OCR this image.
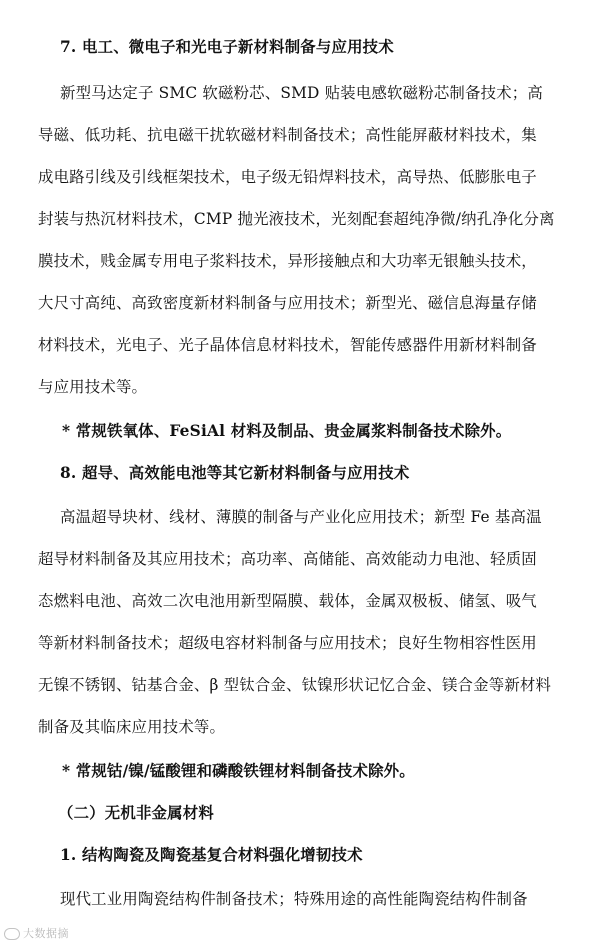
7. 电工、微电子和光电子新材料制备与应用技术
新型马达定子 SMC 软磁粉芯、SMD 贴装电感软磁粉芯制备技术；高
导磁、低功耗、抗电磁干扰软磁材料制备技术；高性能屏蔽材料技术，集
成电路引线及引线框架技术，电子级无铅焊料技术，高导热、低膨胀电子
封装与热沉材料技术，CMP 抛光液技术，光刻配套超纯净微/纳孔净化分离
膜技术，贱金属专用电子浆料技术，异形接触点和大功率无银触头技术，
大尺寸高纯、高致密度新材料制备与应用技术；新型光、磁信息海量存储
材料技术，光电子、光子晶体信息材料技术，智能传感器件用新材料制备
与应用技术等。
* 常规铁氧体、FeSiAl 材料及制品、贵金属浆料制备技术除外。
8. 超导、高效能电池等其它新材料制备与应用技术
高温超导块材、线材、薄膜的制备与产业化应用技术；新型 Fe 基高温
超导材料制备及其应用技术；高功率、高储能、高效能动力电池、轻质固
态燃料电池、高效二次电池用新型隔膜、载体，金属双极板、储氢、吸气
等新材料制备技术；超级电容材料制备与应用技术；良好生物相容性医用
无镍不锈钢、钴基合金、β 型钛合金、钛镍形状记忆合金、镁合金等新材料
制备及其临床应用技术等。
* 常规钴/镍/锰酸锂和磷酸铁锂材料制备技术除外。
（二）无机非金属材料
1. 结构陶瓷及陶瓷基复合材料强化增韧技术
现代工业用陶瓷结构件制备技术；特殊用途的高性能陶瓷结构件制备
大数据摘
